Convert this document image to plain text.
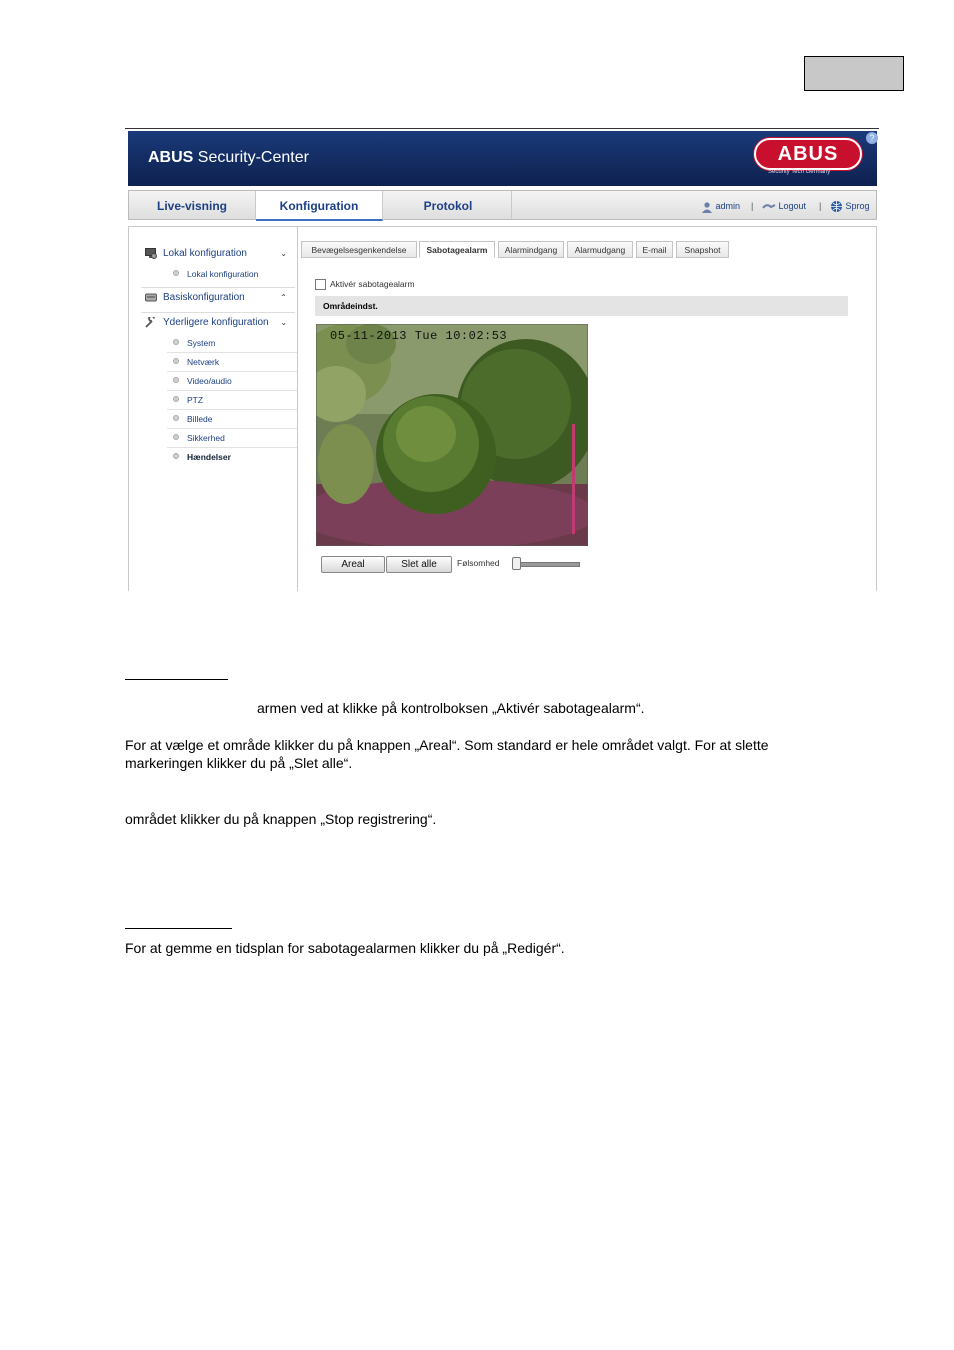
ABUS Security-Center	ABUS
Security Tech Germany
?
Live-visning	Konfiguration	Protokol	admin |	Logout |	Sprog
Lokal konfiguration	⌄
Lokal konfiguration
Basiskonfiguration	⌃
Yderligere konfiguration ⌄
System
Netværk
Video/audio
PTZ
Billede
Sikkerhed
Hændelser
Bevægelsesgenkendelse	Sabotagealarm	Alarmindgang	Alarmudgang	E-mail	Snapshot
Aktivér sabotagealarm
Områdeindst.
05-11-2013 Tue 10:02:53
Areal	Slet alle	Følsomhed
armen ved at klikke på kontrolboksen „Aktivér sabotagealarm“.
For at vælge et område klikker du på knappen „Areal“. Som standard er hele området valgt. For at slette
markeringen klikker du på „Slet alle“.
området klikker du på knappen „Stop registrering“.
For at gemme en tidsplan for sabotagealarmen klikker du på „Redigér“.
